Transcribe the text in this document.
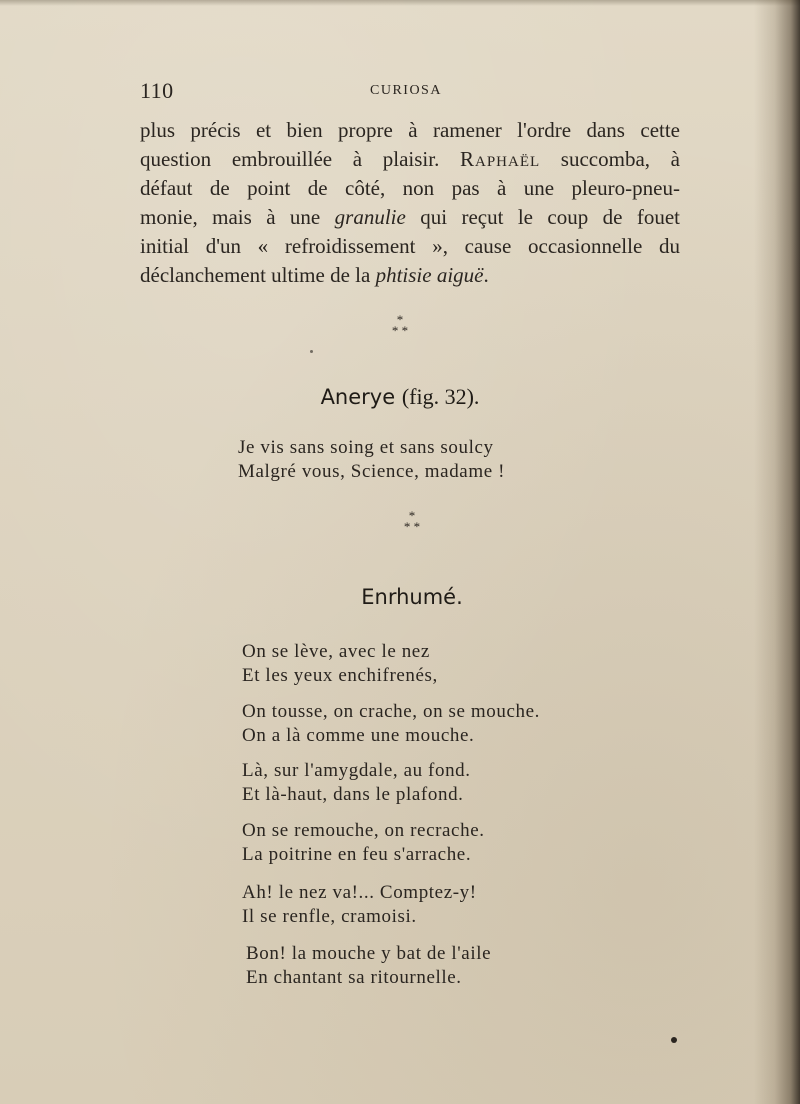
110	CURIOSA

plus précis et bien propre à ramener l'ordre dans cette
question embrouillée à plaisir. Raphaël succomba, à
défaut de point de côté, non pas à une pleuro-pneu-
monie, mais à une granulie qui reçut le coup de fouet
initial d'un « refroidissement », cause occasionnelle du
déclanchement ultime de la phtisie aiguë.

*
* *
Anerye (fig. 32).
Je vis sans soing et sans soulcy
Malgré vous, Science, madame !
*
* *
Enrhumé.
On se lève, avec le nez
Et les yeux enchifrenés,
On tousse, on crache, on se mouche.
On a là comme une mouche.
Là, sur l'amygdale, au fond.
Et là-haut, dans le plafond.
On se remouche, on recrache.
La poitrine en feu s'arrache.
Ah! le nez va!... Comptez-y!
Il se renfle, cramoisi.
Bon! la mouche y bat de l'aile
En chantant sa ritournelle.
